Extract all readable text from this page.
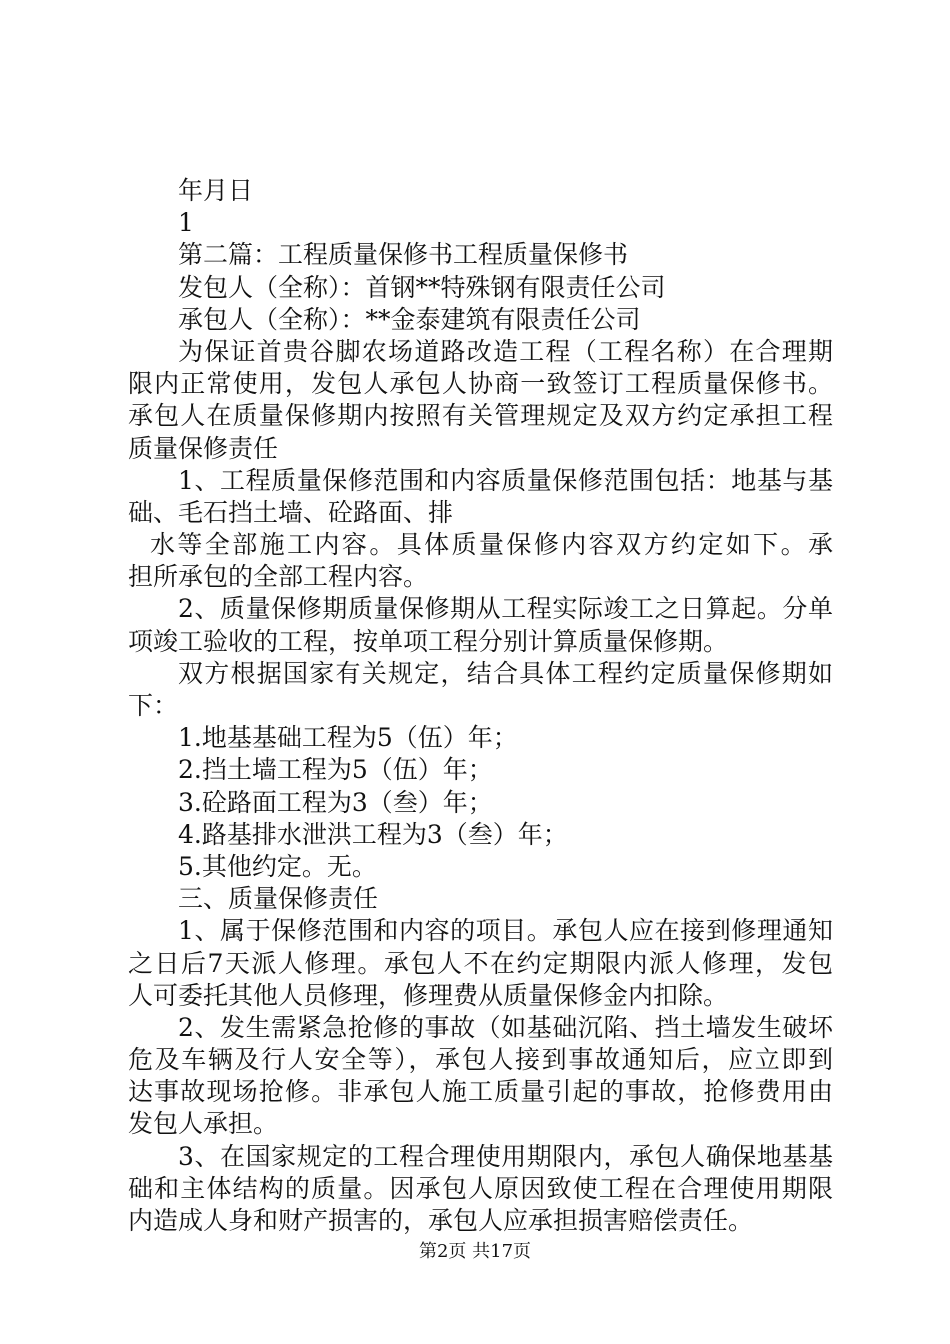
年月日
1
第二篇：工程质量保修书工程质量保修书
发包人（全称）：首钢**特殊钢有限责任公司
承包人（全称）：**金泰建筑有限责任公司
为保证首贵谷脚农场道路改造工程（工程名称）在合理期
限内正常使用，发包人承包人协商一致签订工程质量保修书。
承包人在质量保修期内按照有关管理规定及双方约定承担工程
质量保修责任
1、工程质量保修范围和内容质量保修范围包括：地基与基
础、毛石挡土墙、砼路面、排
水等全部施工内容。具体质量保修内容双方约定如下。承
担所承包的全部工程内容。
2、质量保修期质量保修期从工程实际竣工之日算起。分单
项竣工验收的工程，按单项工程分别计算质量保修期。
双方根据国家有关规定，结合具体工程约定质量保修期如
下：
1.地基基础工程为5（伍）年；
2.挡土墙工程为5（伍）年；
3.砼路面工程为3（叁）年；
4.路基排水泄洪工程为3（叁）年；
5.其他约定。无。
三、质量保修责任
1、属于保修范围和内容的项目。承包人应在接到修理通知
之日后7天派人修理。承包人不在约定期限内派人修理，发包
人可委托其他人员修理，修理费从质量保修金内扣除。
2、发生需紧急抢修的事故（如基础沉陷、挡土墙发生破坏
危及车辆及行人安全等），承包人接到事故通知后，应立即到
达事故现场抢修。非承包人施工质量引起的事故，抢修费用由
发包人承担。
3、在国家规定的工程合理使用期限内，承包人确保地基基
础和主体结构的质量。因承包人原因致使工程在合理使用期限
内造成人身和财产损害的，承包人应承担损害赔偿责任。
第2页 共17页
